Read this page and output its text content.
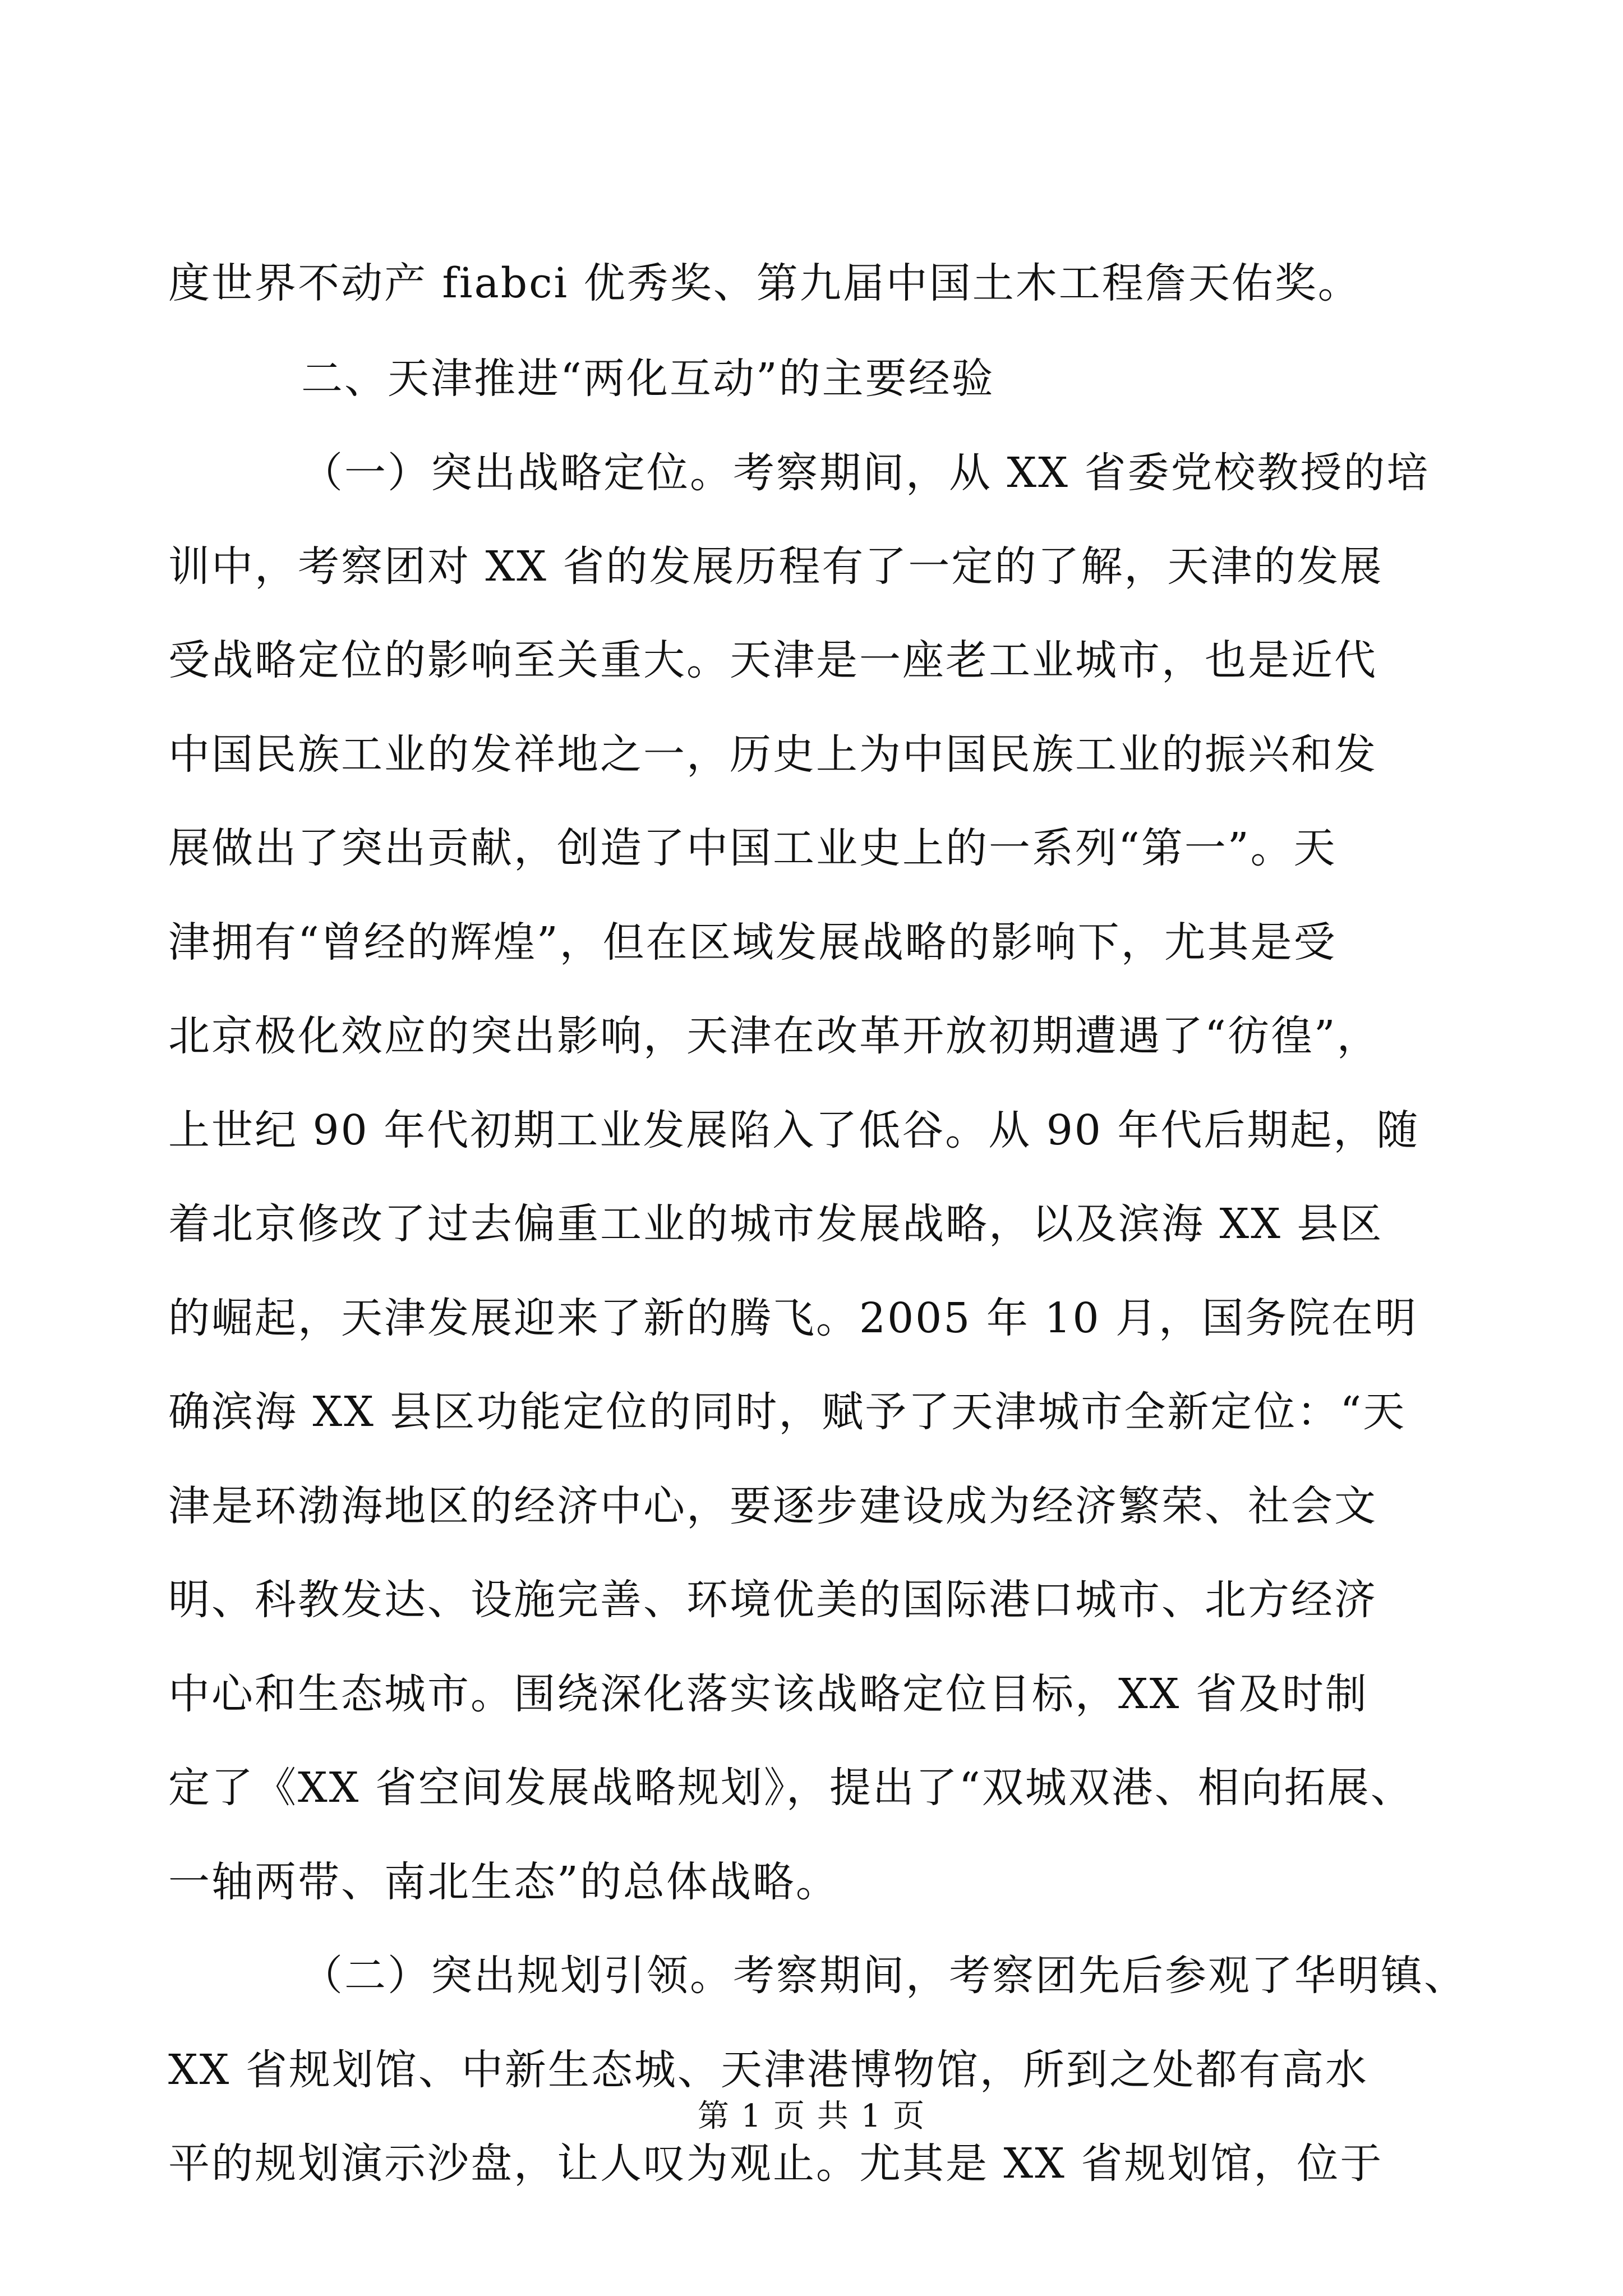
度世界不动产 fiabci 优秀奖、第九届中国土木工程詹天佑奖。
二、天津推进“两化互动”的主要经验
（一）突出战略定位。考察期间，从 XX 省委党校教授的培
训中，考察团对 XX 省的发展历程有了一定的了解，天津的发展
受战略定位的影响至关重大。天津是一座老工业城市，也是近代
中国民族工业的发祥地之一，历史上为中国民族工业的振兴和发
展做出了突出贡献，创造了中国工业史上的一系列“第一”。天
津拥有“曾经的辉煌”，但在区域发展战略的影响下，尤其是受
北京极化效应的突出影响，天津在改革开放初期遭遇了“彷徨”，
上世纪 90 年代初期工业发展陷入了低谷。从 90 年代后期起，随
着北京修改了过去偏重工业的城市发展战略，以及滨海 XX 县区
的崛起，天津发展迎来了新的腾飞。2005 年 10 月，国务院在明
确滨海 XX 县区功能定位的同时，赋予了天津城市全新定位：“天
津是环渤海地区的经济中心，要逐步建设成为经济繁荣、社会文
明、科教发达、设施完善、环境优美的国际港口城市、北方经济
中心和生态城市。围绕深化落实该战略定位目标，XX 省及时制
定了《XX 省空间发展战略规划》，提出了“双城双港、相向拓展、
一轴两带、南北生态”的总体战略。
（二）突出规划引领。考察期间，考察团先后参观了华明镇、
XX 省规划馆、中新生态城、天津港博物馆，所到之处都有高水
平的规划演示沙盘，让人叹为观止。尤其是 XX 省规划馆，位于
第 1 页 共 1 页
